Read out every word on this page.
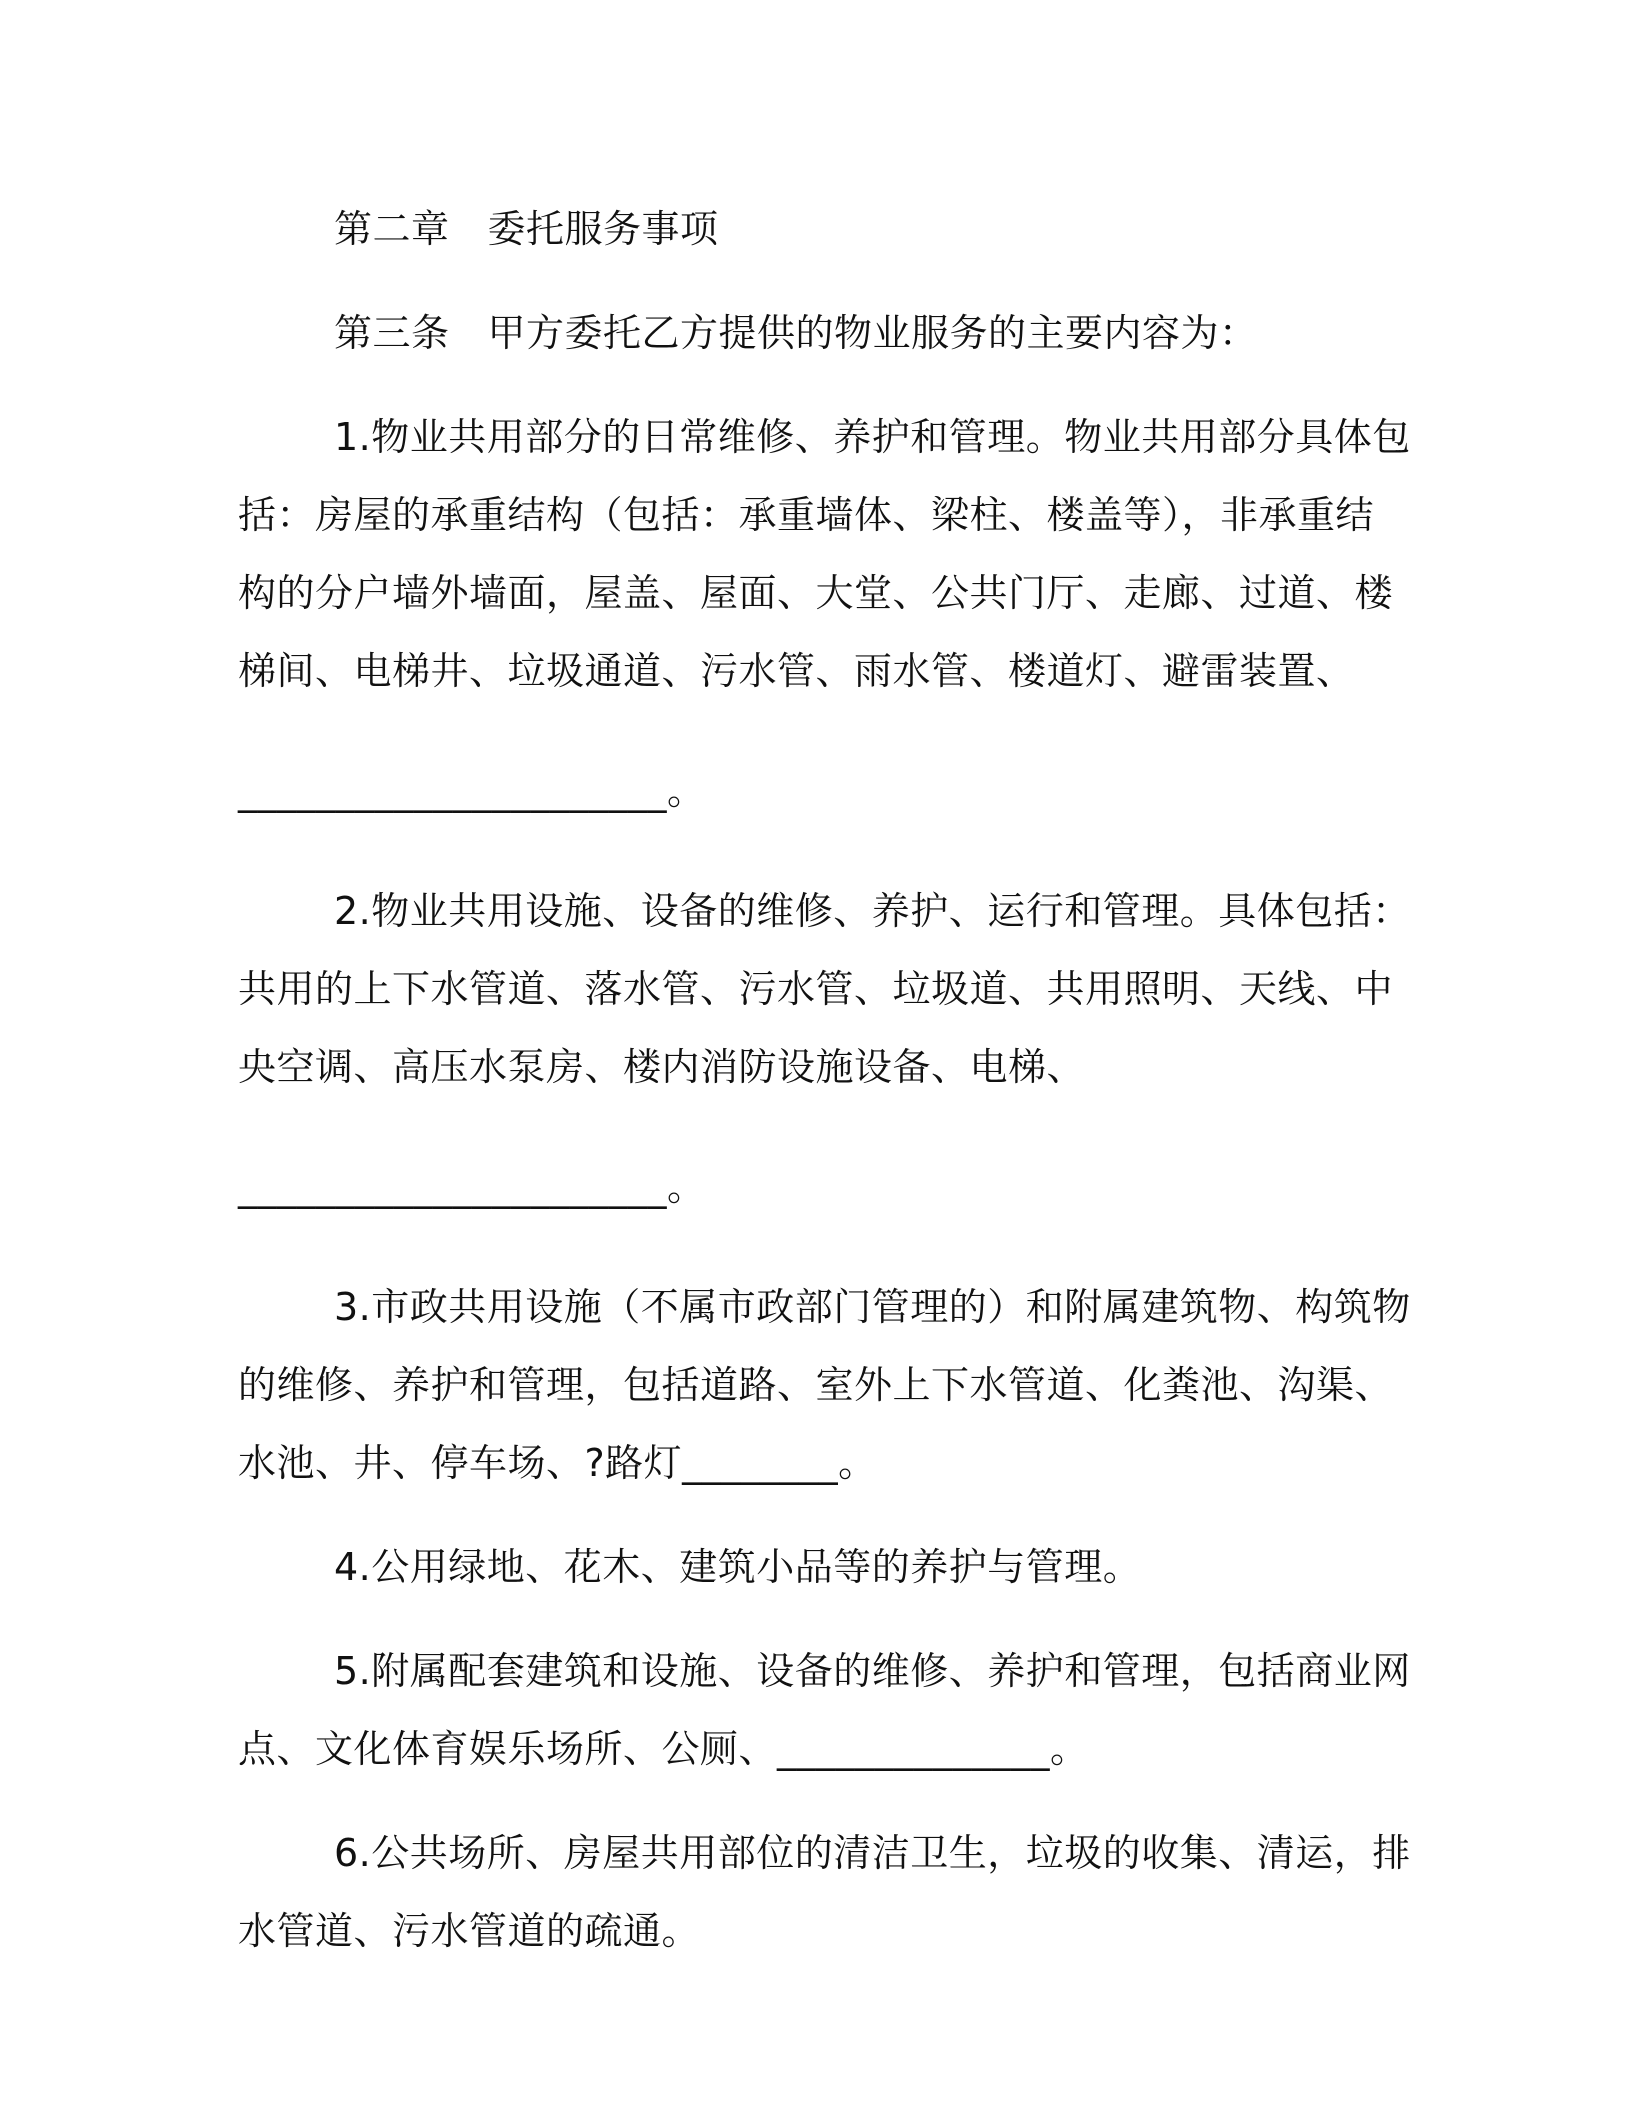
第二章 委托服务事项
第三条 甲方委托乙方提供的物业服务的主要内容为：
1.物业共用部分的日常维修、养护和管理。物业共用部分具体包
括：房屋的承重结构（包括：承重墙体、梁柱、楼盖等），非承重结
构的分户墙外墙面，屋盖、屋面、大堂、公共门厅、走廊、过道、楼
梯间、电梯井、垃圾通道、污水管、雨水管、楼道灯、避雷装置、
______________________。
2.物业共用设施、设备的维修、养护、运行和管理。具体包括：
共用的上下水管道、落水管、污水管、垃圾道、共用照明、天线、中
央空调、高压水泵房、楼内消防设施设备、电梯、
______________________。
3.市政共用设施（不属市政部门管理的）和附属建筑物、构筑物
的维修、养护和管理，包括道路、室外上下水管道、化粪池、沟渠、
水池、井、停车场、?路灯________。
4.公用绿地、花木、建筑小品等的养护与管理。
5.附属配套建筑和设施、设备的维修、养护和管理，包括商业网
点、文化体育娱乐场所、公厕、______________。
6.公共场所、房屋共用部位的清洁卫生，垃圾的收集、清运，排
水管道、污水管道的疏通。
